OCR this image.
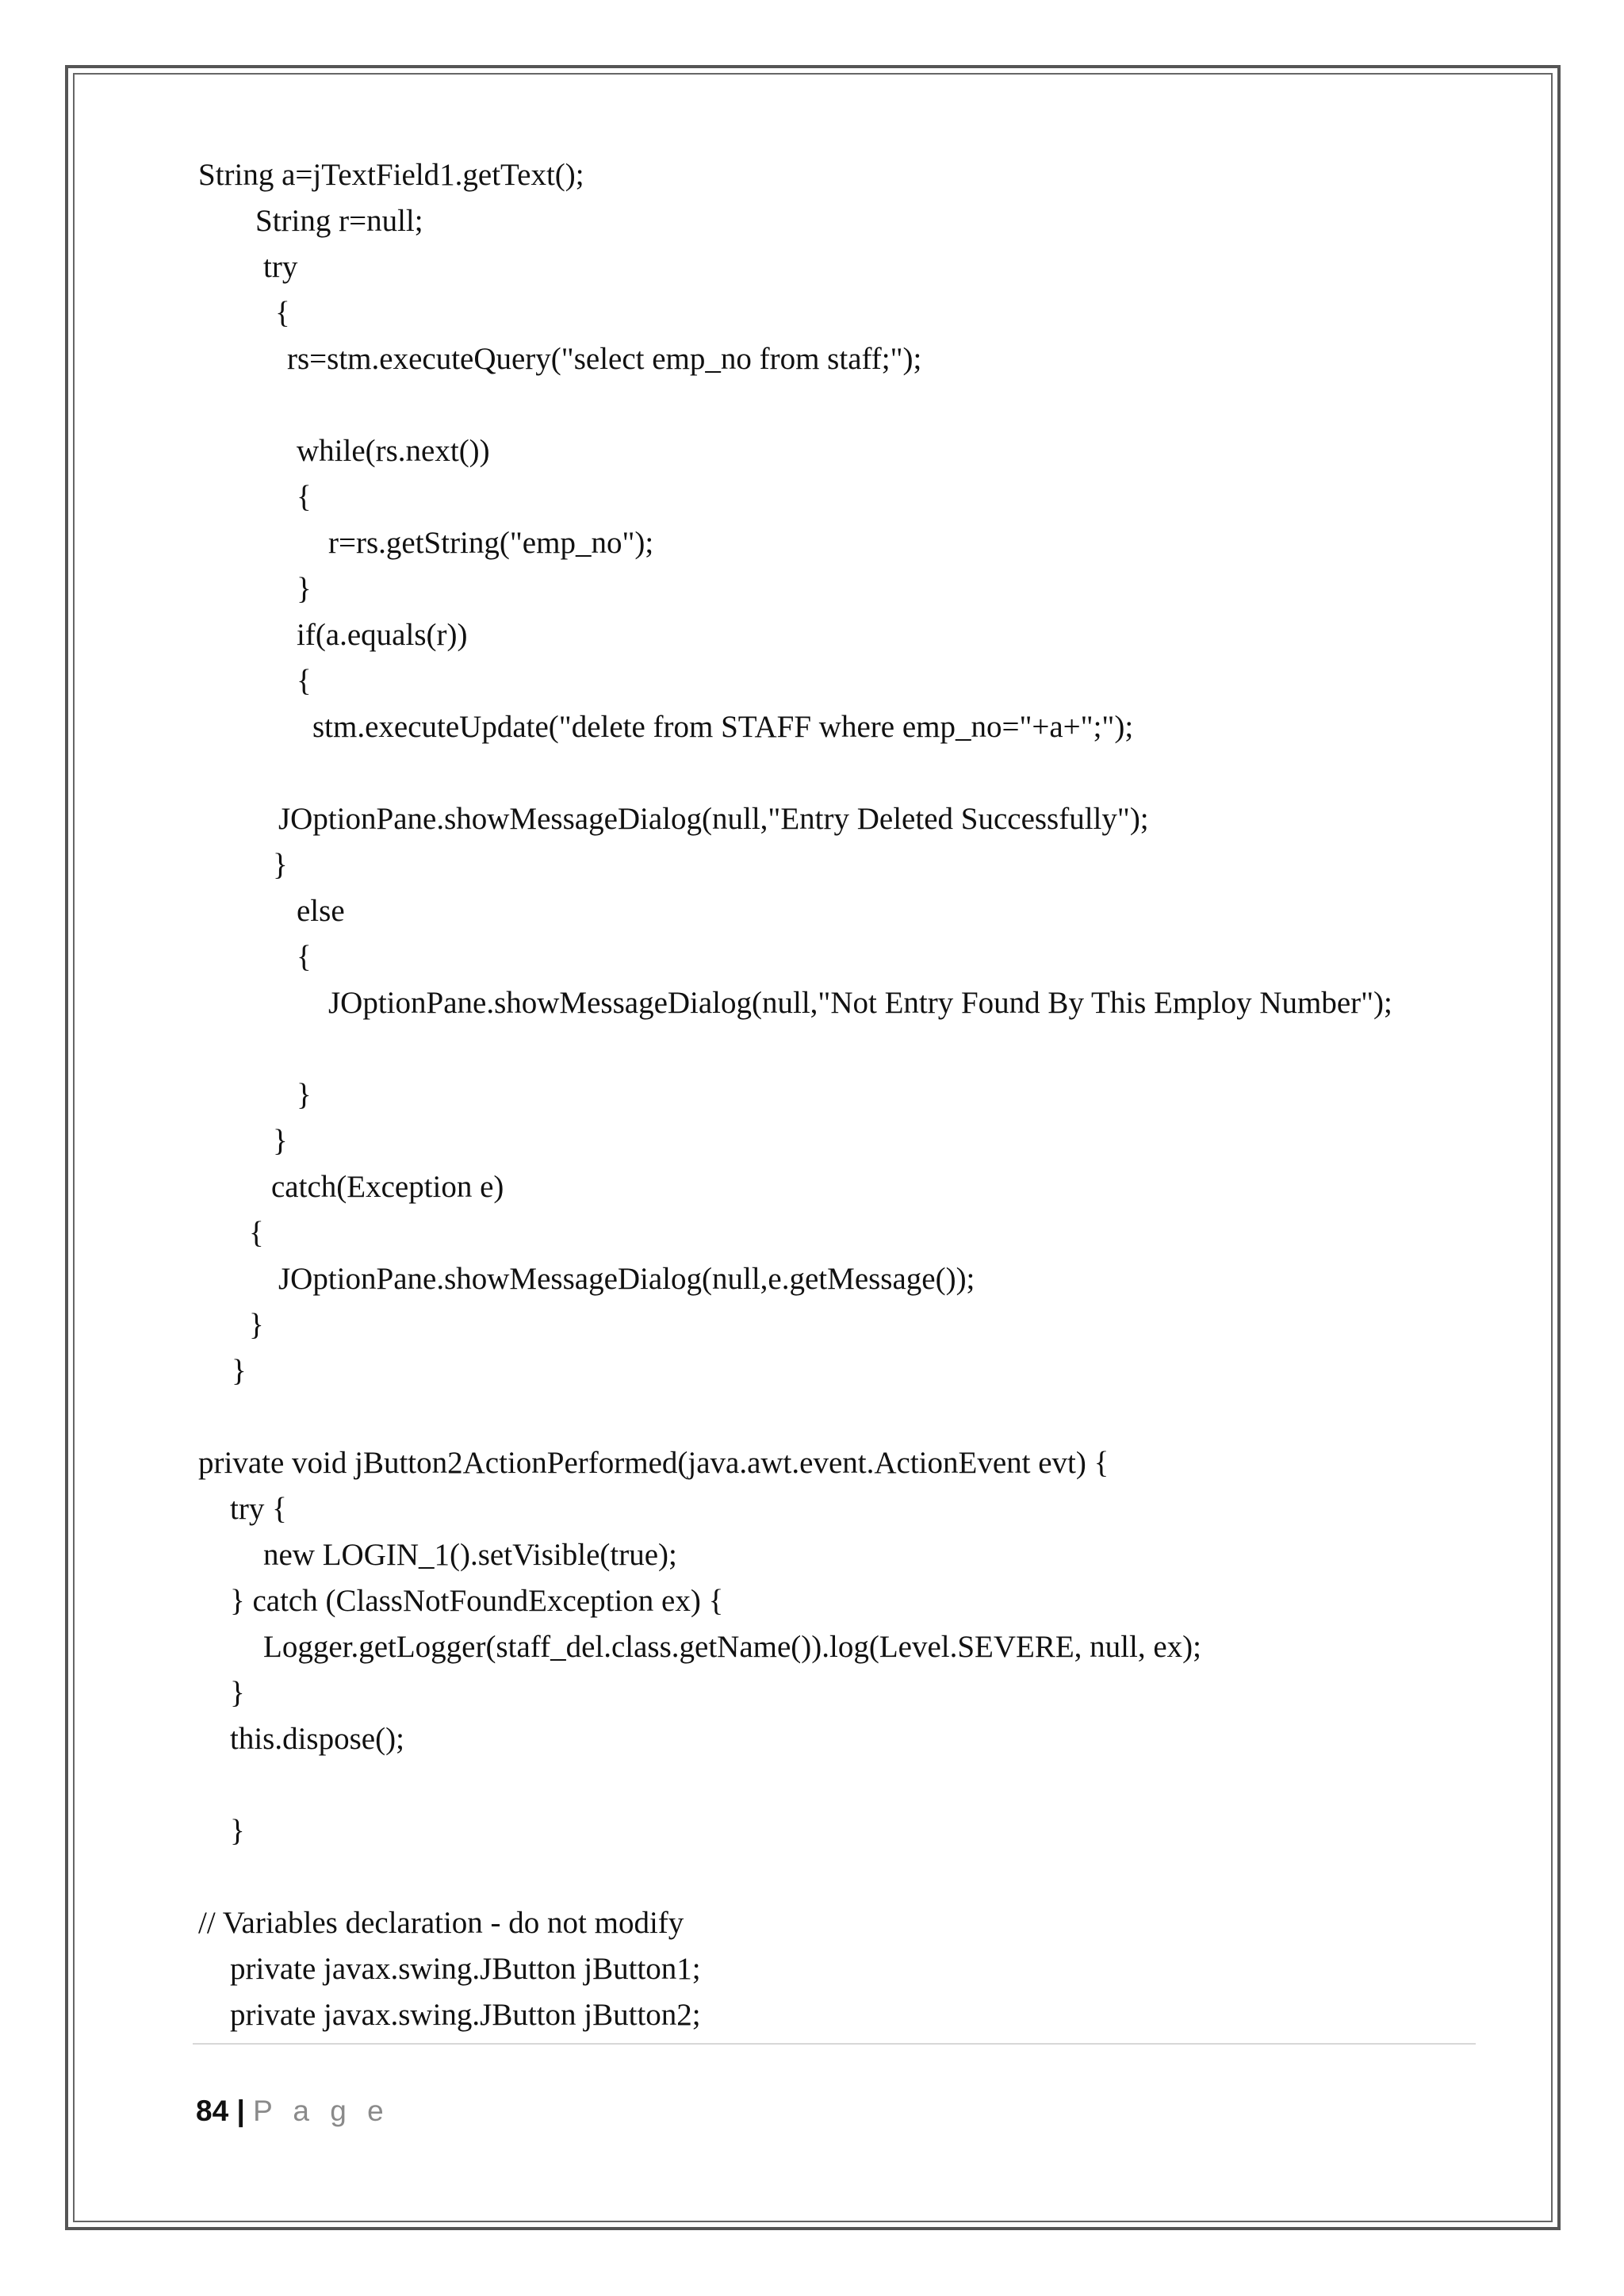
String a=jTextField1.getText();
String r=null;
try
{
rs=stm.executeQuery("select emp_no from staff;");
while(rs.next())
{
r=rs.getString("emp_no");
}
if(a.equals(r))
{
stm.executeUpdate("delete from STAFF where emp_no="+a+";");
JOptionPane.showMessageDialog(null,"Entry Deleted Successfully");
}
else
{
JOptionPane.showMessageDialog(null,"Not Entry Found By This Employ Number");
}
}
catch(Exception e)
{
JOptionPane.showMessageDialog(null,e.getMessage());
}
}
private void jButton2ActionPerformed(java.awt.event.ActionEvent evt) {
try {
new LOGIN_1().setVisible(true);
} catch (ClassNotFoundException ex) {
Logger.getLogger(staff_del.class.getName()).log(Level.SEVERE, null, ex);
}
this.dispose();
}
// Variables declaration - do not modify
private javax.swing.JButton jButton1;
private javax.swing.JButton jButton2;
84 | P a g e
